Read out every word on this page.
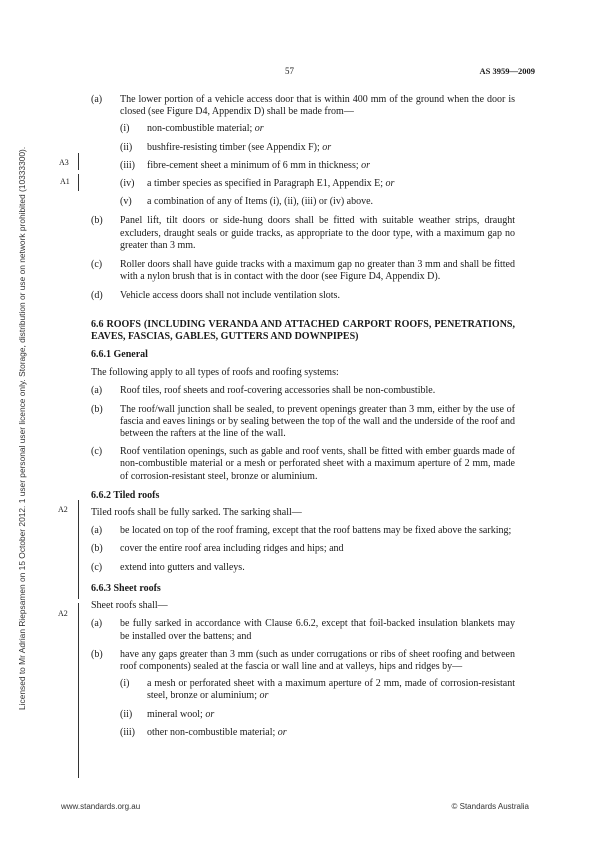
57	AS 3959—2009
Licensed to Mr Adrian Riepsamen on 15 October 2012. 1 user personal user licence only. Storage, distribution or use on network prohibited (10333300).	A3
A1
A2
A2
(a) The lower portion of a vehicle access door that is within 400 mm of the ground when the door is closed (see Figure D4, Appendix D) shall be made from—
(i) non-combustible material; or
(ii) bushfire-resisting timber (see Appendix F); or
(iii) fibre-cement sheet a minimum of 6 mm in thickness; or
(iv) a timber species as specified in Paragraph E1, Appendix E; or
(v) a combination of any of Items (i), (ii), (iii) or (iv) above.
(b) Panel lift, tilt doors or side-hung doors shall be fitted with suitable weather strips, draught excluders, draught seals or guide tracks, as appropriate to the door type, with a maximum gap no greater than 3 mm.
(c) Roller doors shall have guide tracks with a maximum gap no greater than 3 mm and shall be fitted with a nylon brush that is in contact with the door (see Figure D4, Appendix D).
(d) Vehicle access doors shall not include ventilation slots.
6.6 ROOFS (INCLUDING VERANDA AND ATTACHED CARPORT ROOFS, PENETRATIONS, EAVES, FASCIAS, GABLES, GUTTERS AND DOWNPIPES)
6.6.1 General
The following apply to all types of roofs and roofing systems:
(a) Roof tiles, roof sheets and roof-covering accessories shall be non-combustible.
(b) The roof/wall junction shall be sealed, to prevent openings greater than 3 mm, either by the use of fascia and eaves linings or by sealing between the top of the wall and the underside of the roof and between the rafters at the line of the wall.
(c) Roof ventilation openings, such as gable and roof vents, shall be fitted with ember guards made of non-combustible material or a mesh or perforated sheet with a maximum aperture of 2 mm, made of corrosion-resistant steel, bronze or aluminium.
6.6.2 Tiled roofs
Tiled roofs shall be fully sarked. The sarking shall—
(a) be located on top of the roof framing, except that the roof battens may be fixed above the sarking;
(b) cover the entire roof area including ridges and hips; and
(c) extend into gutters and valleys.
6.6.3 Sheet roofs
Sheet roofs shall—
(a) be fully sarked in accordance with Clause 6.6.2, except that foil-backed insulation blankets may be installed over the battens; and
(b) have any gaps greater than 3 mm (such as under corrugations or ribs of sheet roofing and between roof components) sealed at the fascia or wall line and at valleys, hips and ridges by—
(i) a mesh or perforated sheet with a maximum aperture of 2 mm, made of corrosion-resistant steel, bronze or aluminium; or
(ii) mineral wool; or
(iii) other non-combustible material; or
www.standards.org.au	© Standards Australia
